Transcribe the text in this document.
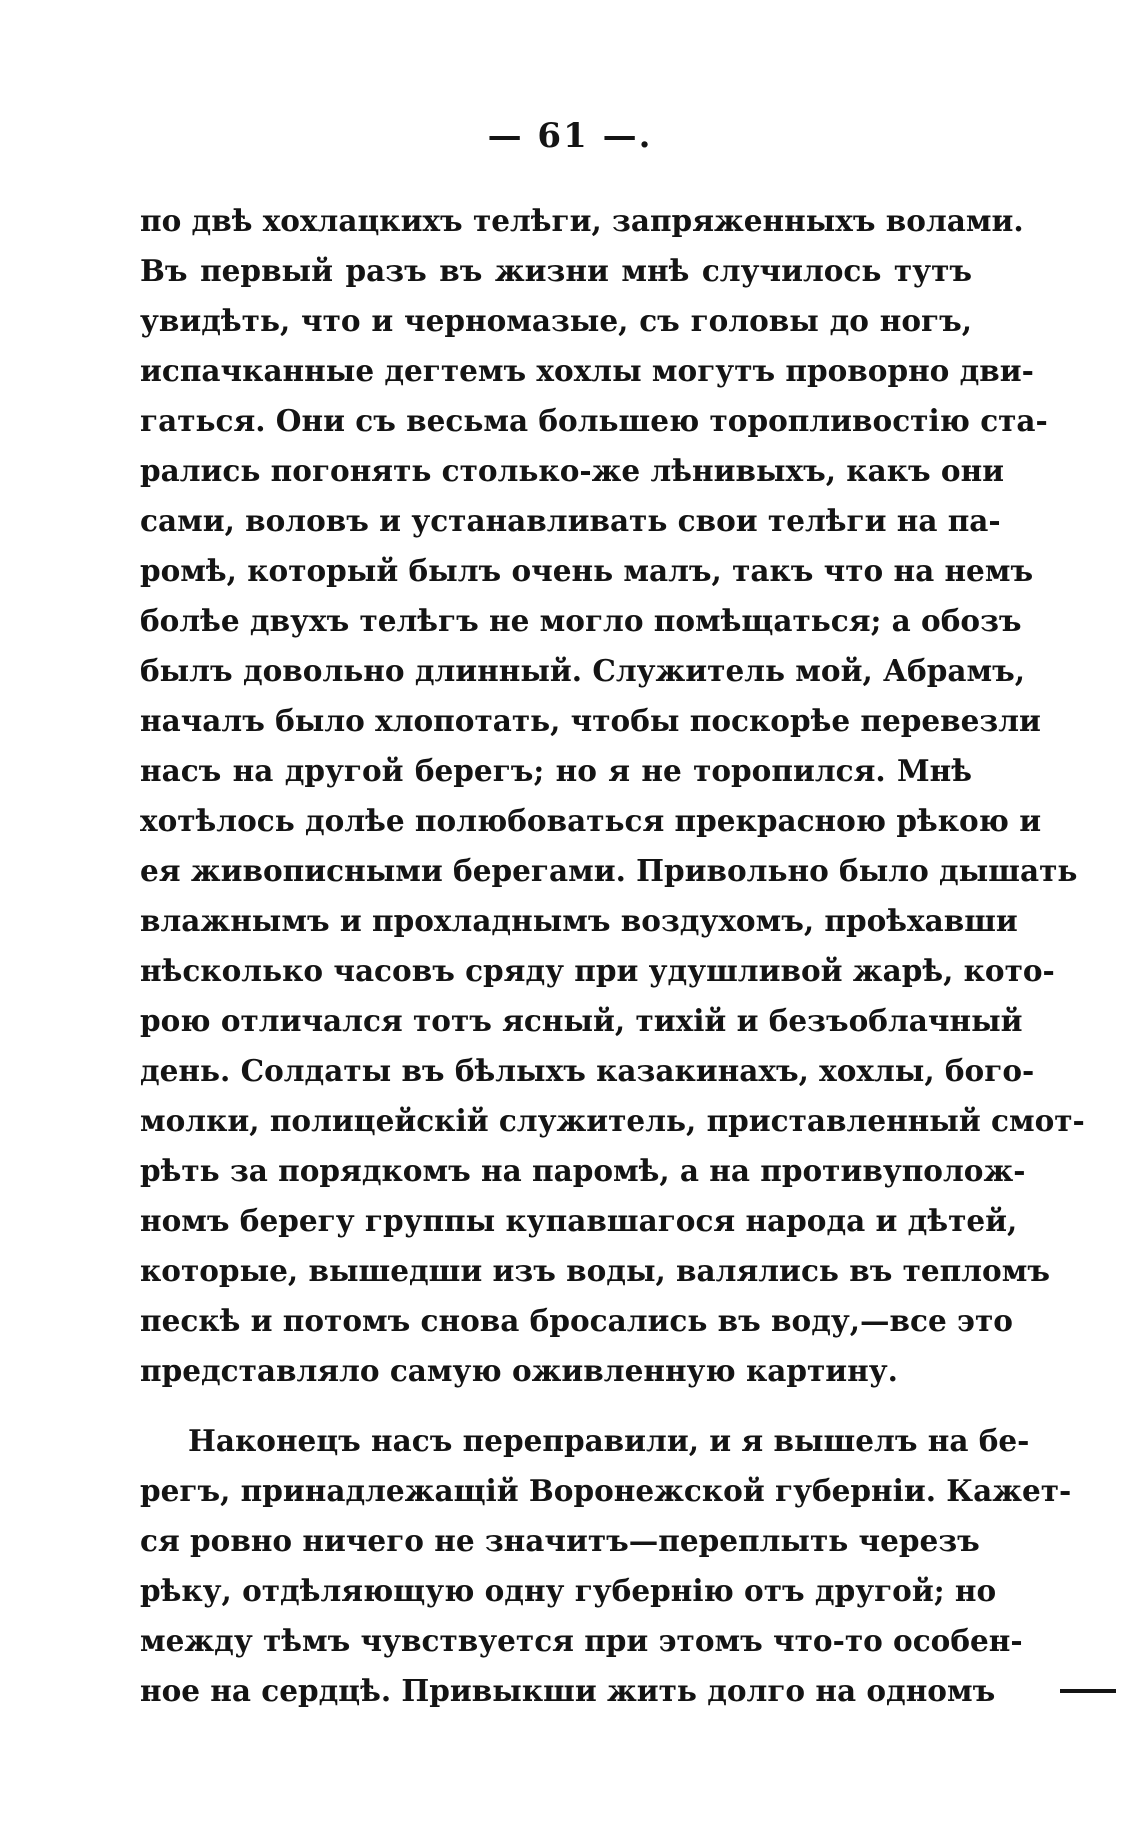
— 61 —.
по двѣ хохлацкихъ телѣги, запряженныхъ волами.
Въ первый разъ въ жизни мнѣ случилось тутъ
увидѣть, что и черномазые, съ головы до ногъ,
испачканные дегтемъ хохлы могутъ проворно дви-
гаться. Они съ весьма большею торопливостію ста-
рались погонять столько-же лѣнивыхъ, какъ они
сами, воловъ и устанавливать свои телѣги на па-
ромѣ, который былъ очень малъ, такъ что на немъ
болѣе двухъ телѣгъ не могло помѣщаться; а обозъ
былъ довольно длинный. Служитель мой, Абрамъ,
началъ было хлопотать, чтобы поскорѣе перевезли
насъ на другой берегъ; но я не торопился. Мнѣ
хотѣлось долѣе полюбоваться прекрасною рѣкою и
ея живописными берегами. Привольно было дышать
влажнымъ и прохладнымъ воздухомъ, проѣхавши
нѣсколько часовъ сряду при удушливой жарѣ, кото-
рою отличался тотъ ясный, тихій и безъоблачный
день. Солдаты въ бѣлыхъ казакинахъ, хохлы, бого-
молки, полицейскій служитель, приставленный смот-
рѣть за порядкомъ на паромѣ, а на противуполож-
номъ берегу группы купавшагося народа и дѣтей,
которые, вышедши изъ воды, валялись въ тепломъ
пескѣ и потомъ снова бросались въ воду,—все это
представляло самую оживленную картину.
Наконецъ насъ переправили, и я вышелъ на бе-
регъ, принадлежащій Воронежской губерніи. Кажет-
ся ровно ничего не значитъ—переплыть черезъ
рѣку, отдѣляющую одну губернію отъ другой; но
между тѣмъ чувствуется при этомъ что-то особен-
ное на сердцѣ. Привыкши жить долго на одномъ
